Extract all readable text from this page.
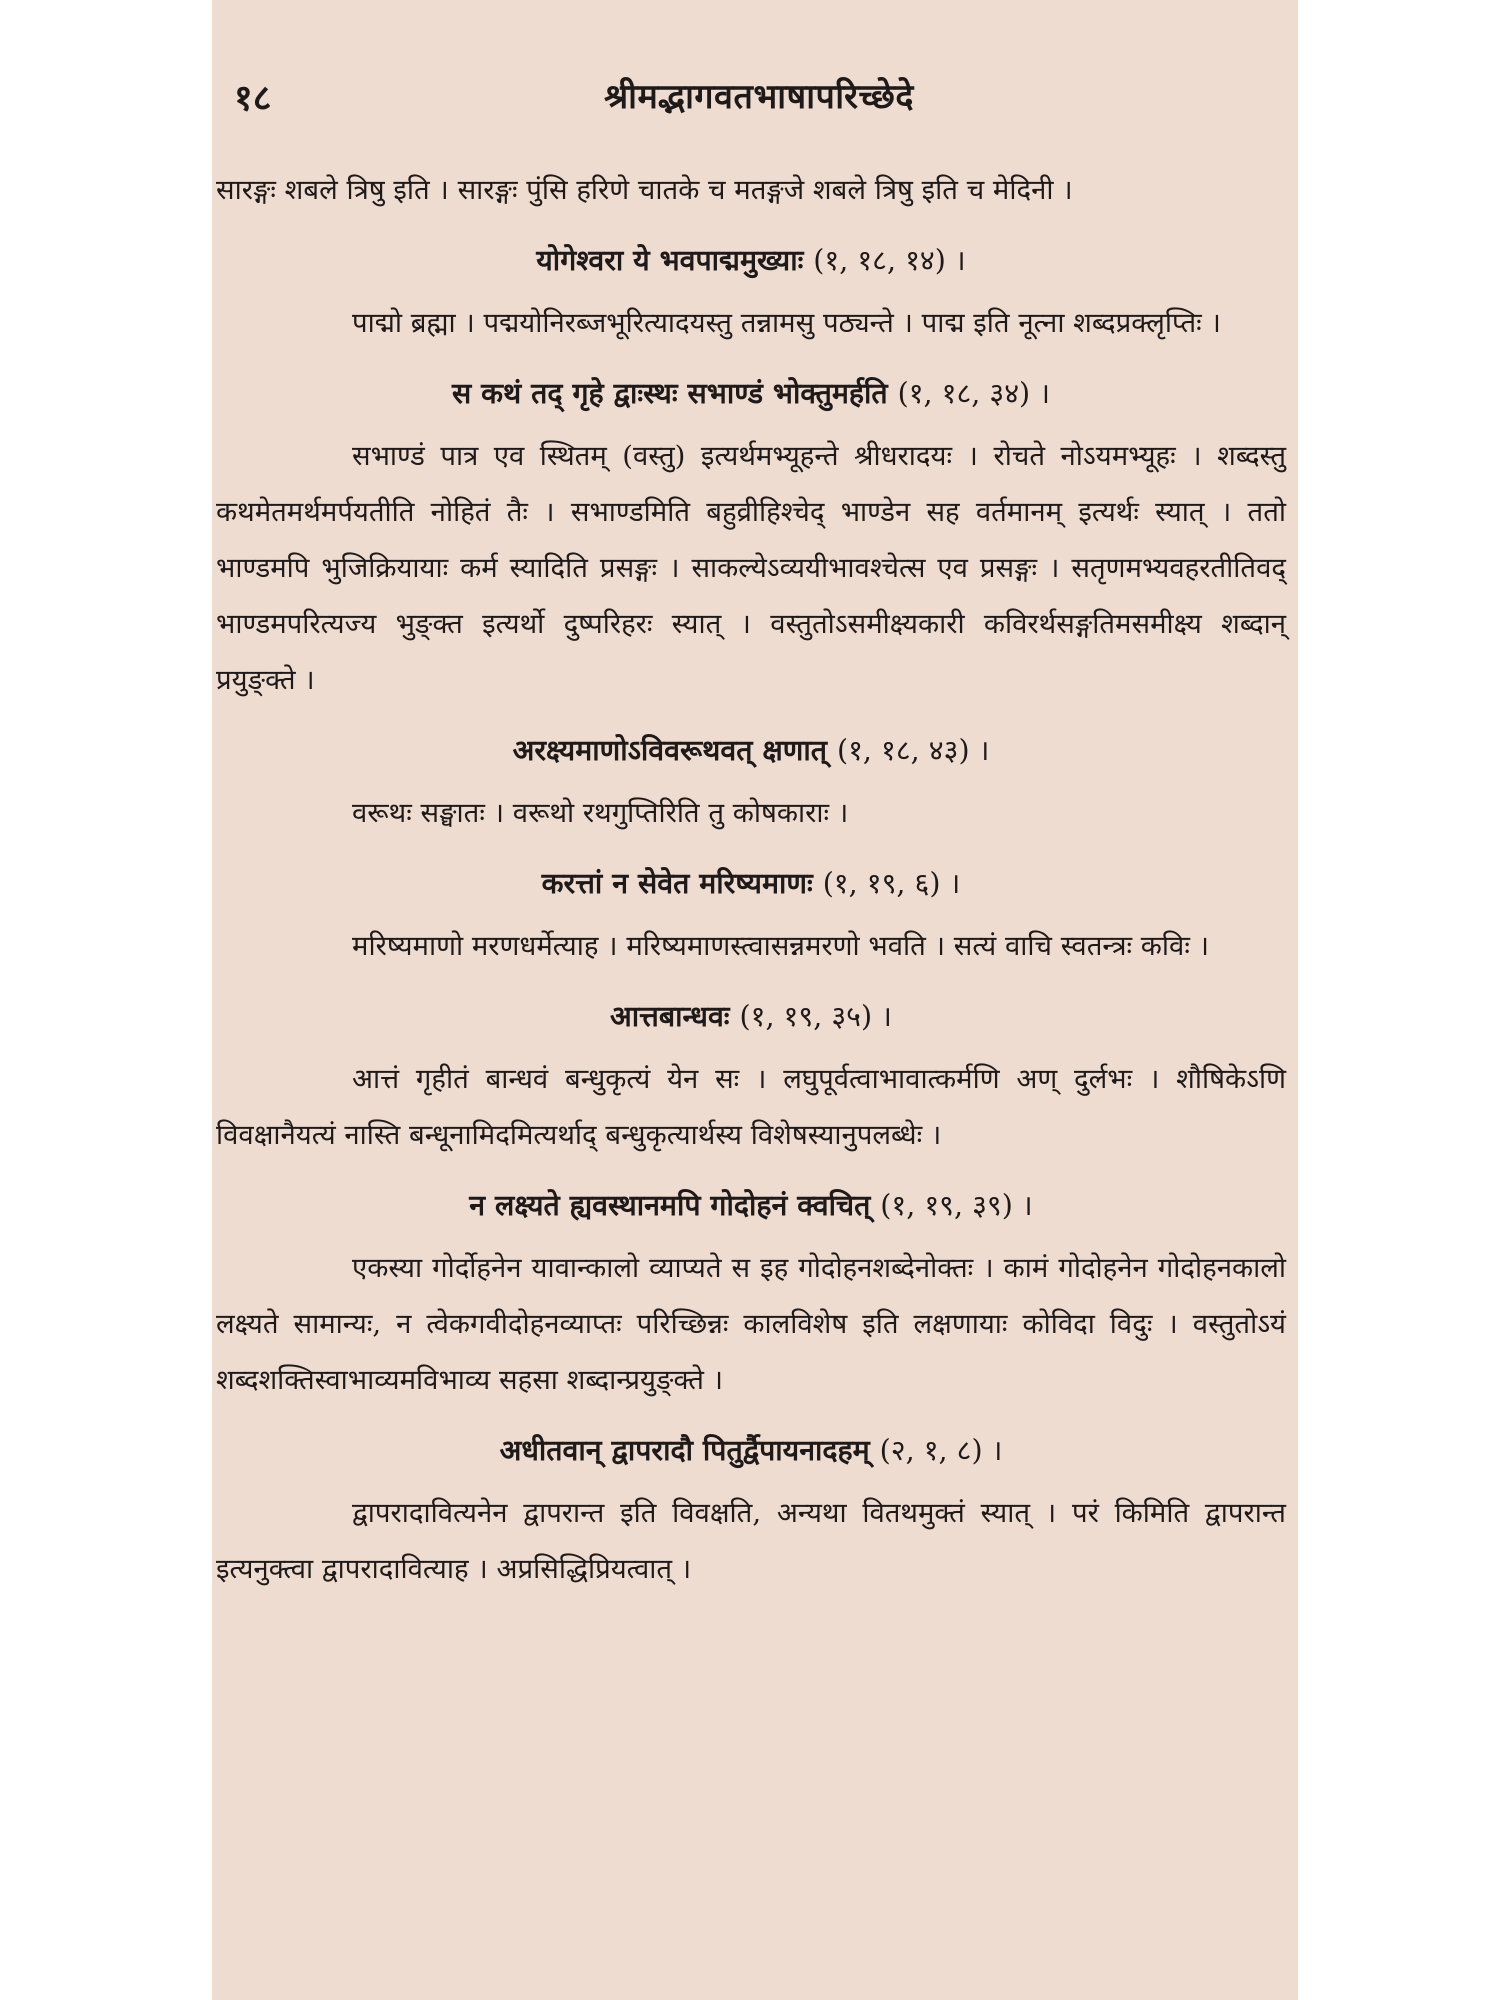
१८	श्रीमद्भागवतभाषापरिच्छेदे

सारङ्गः शबले त्रिषु इति । सारङ्गः पुंसि हरिणे चातके च मतङ्गजे शबले त्रिषु इति च मेदिनी ।

योगेश्वरा ये भवपाद्ममुख्याः (१, १८, १४) ।

पाद्मो ब्रह्मा । पद्मयोनिरब्जभूरित्यादयस्तु तन्नामसु पठ्यन्ते । पाद्म इति नूत्ना शब्दप्रक्लृप्तिः ।

स कथं तद् गृहे द्वाःस्थः सभाण्डं भोक्तुमर्हति (१, १८, ३४) ।

सभाण्डं पात्र एव स्थितम् (वस्तु) इत्यर्थमभ्यूहन्ते श्रीधरादयः । रोचते नोऽयमभ्यूहः । शब्दस्तु कथमेतमर्थमर्पयतीति नोहितं तैः । सभाण्डमिति बहुव्रीहिश्चेद् भाण्डेन सह वर्तमानम् इत्यर्थः स्यात् । ततो भाण्डमपि भुजिक्रियायाः कर्म स्यादिति प्रसङ्गः । साकल्येऽव्ययीभावश्चेत्स एव प्रसङ्गः । सतृणमभ्यवहरतीतिवद् भाण्डमपरित्यज्य भुङ्क्त इत्यर्थो दुष्परिहरः स्यात् । वस्तुतोऽसमीक्ष्यकारी कविरर्थसङ्गतिमसमीक्ष्य शब्दान् प्रयुङ्क्ते ।

अरक्ष्यमाणोऽविवरूथवत् क्षणात् (१, १८, ४३) ।

वरूथः सङ्घातः । वरूथो रथगुप्तिरिति तु कोषकाराः ।

करत्तां न सेवेत मरिष्यमाणः (१, १९, ६) ।

मरिष्यमाणो मरणधर्मेत्याह । मरिष्यमाणस्त्वासन्नमरणो भवति । सत्यं वाचि स्वतन्त्रः कविः ।

आत्तबान्धवः (१, १९, ३५) ।

आत्तं गृहीतं बान्धवं बन्धुकृत्यं येन सः । लघुपूर्वत्वाभावात्कर्मणि अण् दुर्लभः । शौषिकेऽणि विवक्षानैयत्यं नास्ति बन्धूनामिदमित्यर्थाद् बन्धुकृत्यार्थस्य विशेषस्यानुपलब्धेः ।

न लक्ष्यते ह्यवस्थानमपि गोदोहनं क्वचित् (१, १९, ३९) ।

एकस्या गोर्दोहनेन यावान्कालो व्याप्यते स इह गोदोहनशब्देनोक्तः । कामं गोदोहनेन गोदोहनकालो लक्ष्यते सामान्यः, न त्वेकगवीदोहनव्याप्तः परिच्छिन्नः कालविशेष इति लक्षणायाः कोविदा विदुः । वस्तुतोऽयं शब्दशक्तिस्वाभाव्यमविभाव्य सहसा शब्दान्प्रयुङ्क्ते ।

अधीतवान् द्वापरादौ पितुर्द्वैपायनादहम् (२, १, ८) ।

द्वापरादावित्यनेन द्वापरान्त इति विवक्षति, अन्यथा वितथमुक्तं स्यात् । परं किमिति द्वापरान्त इत्यनुक्त्वा द्वापरादावित्याह । अप्रसिद्धिप्रियत्वात् ।
